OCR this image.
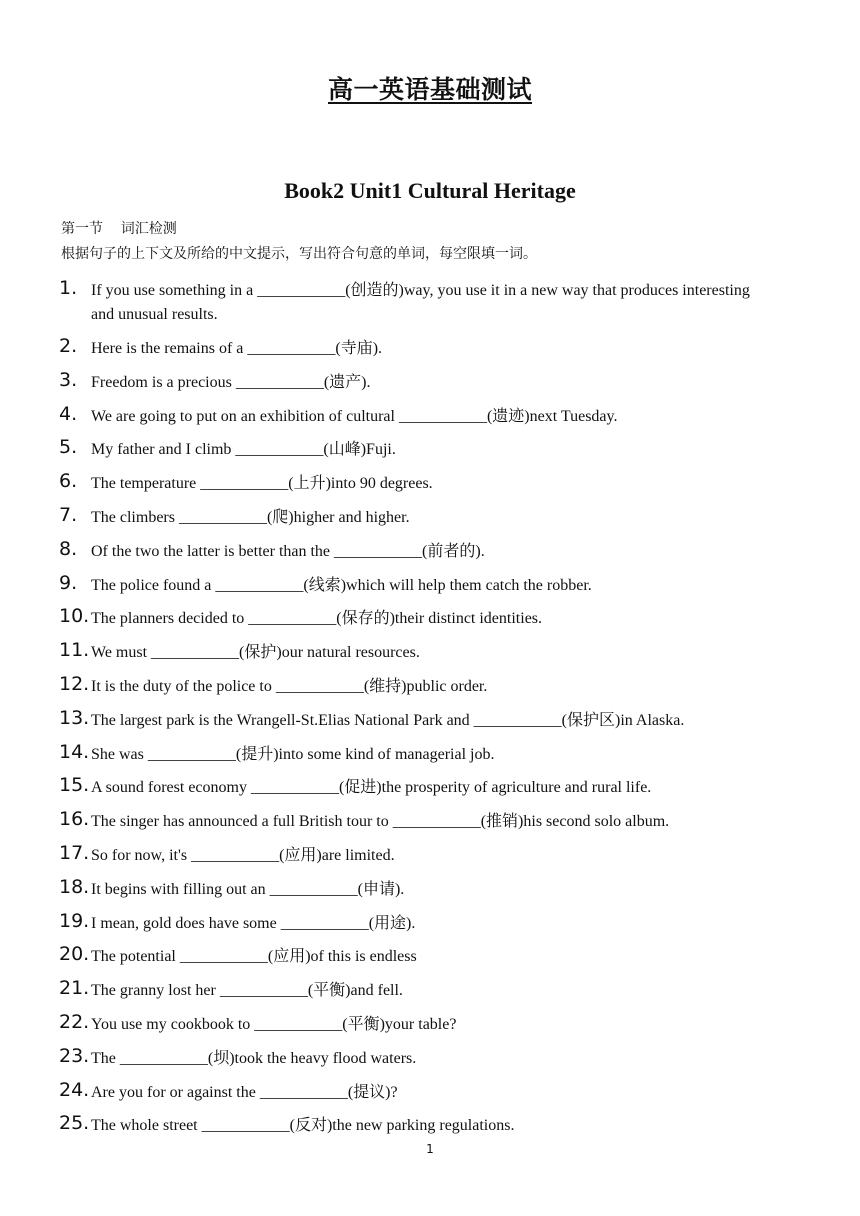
高一英语基础测试
Book2 Unit1 Cultural Heritage
第一节    词汇检测
根据句子的上下文及所给的中文提示，写出符合句意的单词，每空限填一词。
1. If you use something in a ___________(创造的)way, you use it in a new way that produces interesting and unusual results.
2. Here is the remains of a ___________(寺庙).
3. Freedom is a precious ___________(遗产).
4. We are going to put on an exhibition of cultural ___________(遗迹)next Tuesday.
5. My father and I climb ___________(山峰)Fuji.
6. The temperature ___________(上升)into 90 degrees.
7. The climbers ___________(爬)higher and higher.
8. Of the two the latter is better than the ___________(前者的).
9. The police found a ___________(线索)which will help them catch the robber.
10. The planners decided to ___________(保存的)their distinct identities.
11. We must ___________(保护)our natural resources.
12. It is the duty of the police to ___________(维持)public order.
13. The largest park is the Wrangell-St.Elias National Park and ___________(保护区)in Alaska.
14. She was ___________(提升)into some kind of managerial job.
15. A sound forest economy ___________(促进)the prosperity of agriculture and rural life.
16. The singer has announced a full British tour to ___________(推销)his second solo album.
17. So for now, it's ___________(应用)are limited.
18. It begins with filling out an ___________(申请).
19. I mean, gold does have some ___________(用途).
20. The potential ___________(应用)of this is endless
21. The granny lost her ___________(平衡)and fell.
22. You use my cookbook to ___________(平衡)your table?
23. The ___________(坝)took the heavy flood waters.
24. Are you for or against the ___________(提议)?
25. The whole street ___________(反对)the new parking regulations.
1
